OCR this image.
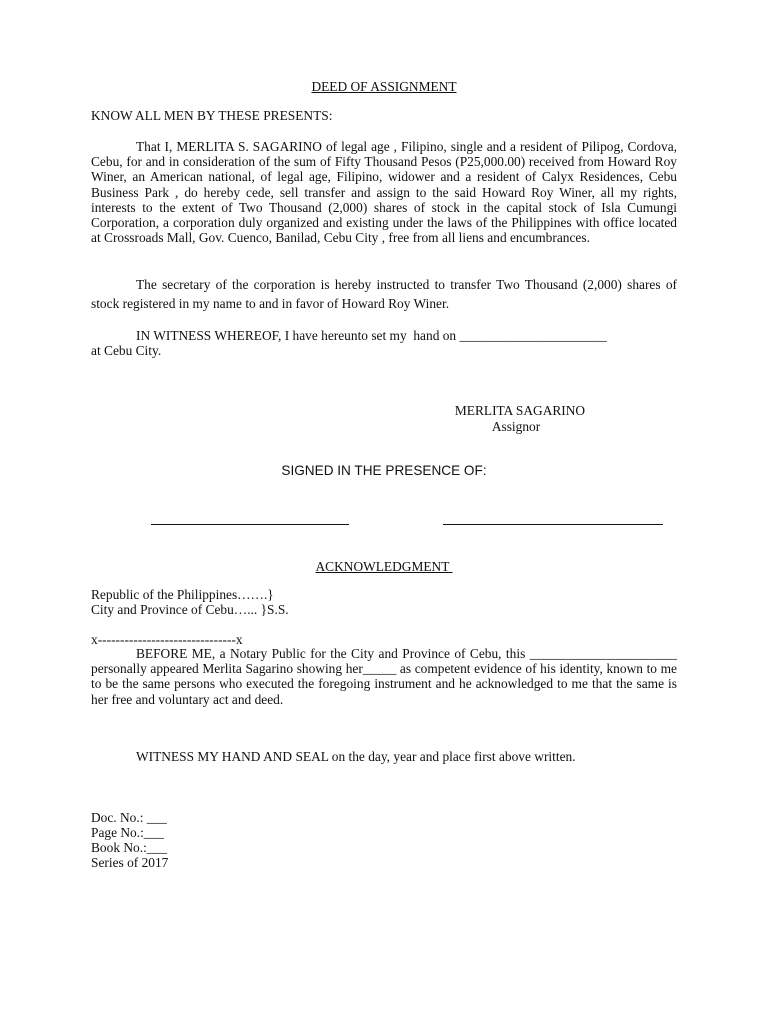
DEED OF ASSIGNMENT
KNOW ALL MEN BY THESE PRESENTS:

That I, MERLITA S. SAGARINO of legal age , Filipino, single and a resident of Pilipog, Cordova, Cebu, for and in consideration of the sum of Fifty Thousand Pesos (P25,000.00) received from Howard Roy Winer, an American national, of legal age, Filipino, widower and a resident of Calyx Residences, Cebu Business Park , do hereby cede, sell transfer and assign to the said Howard Roy Winer, all my rights, interests to the extent of Two Thousand (2,000) shares of stock in the capital stock of Isla Cumungi Corporation, a corporation duly organized and existing under the laws of the Philippines with office located at Crossroads Mall, Gov. Cuenco, Banilad, Cebu City , free from all liens and encumbrances.

The secretary of the corporation is hereby instructed to transfer Two Thousand (2,000) shares of stock registered in my name to and in favor of Howard Roy Winer.

IN WITNESS WHEREOF, I have hereunto set my  hand on ______________________
at Cebu City.
MERLITA SAGARINO
Assignor
SIGNED IN THE PRESENCE OF:
ACKNOWLEDGMENT
Republic of the Philippines…….}
City and Province of Cebu…... }S.S.
x-------------------------------x

BEFORE ME, a Notary Public for the City and Province of Cebu, this ______________________ personally appeared Merlita Sagarino showing her_____ as competent evidence of his identity, known to me to be the same persons who executed the foregoing instrument and he acknowledged to me that the same is her free and voluntary act and deed.

WITNESS MY HAND AND SEAL on the day, year and place first above written.
Doc. No.: ___
Page No.:___
Book No.:___
Series of 2017
